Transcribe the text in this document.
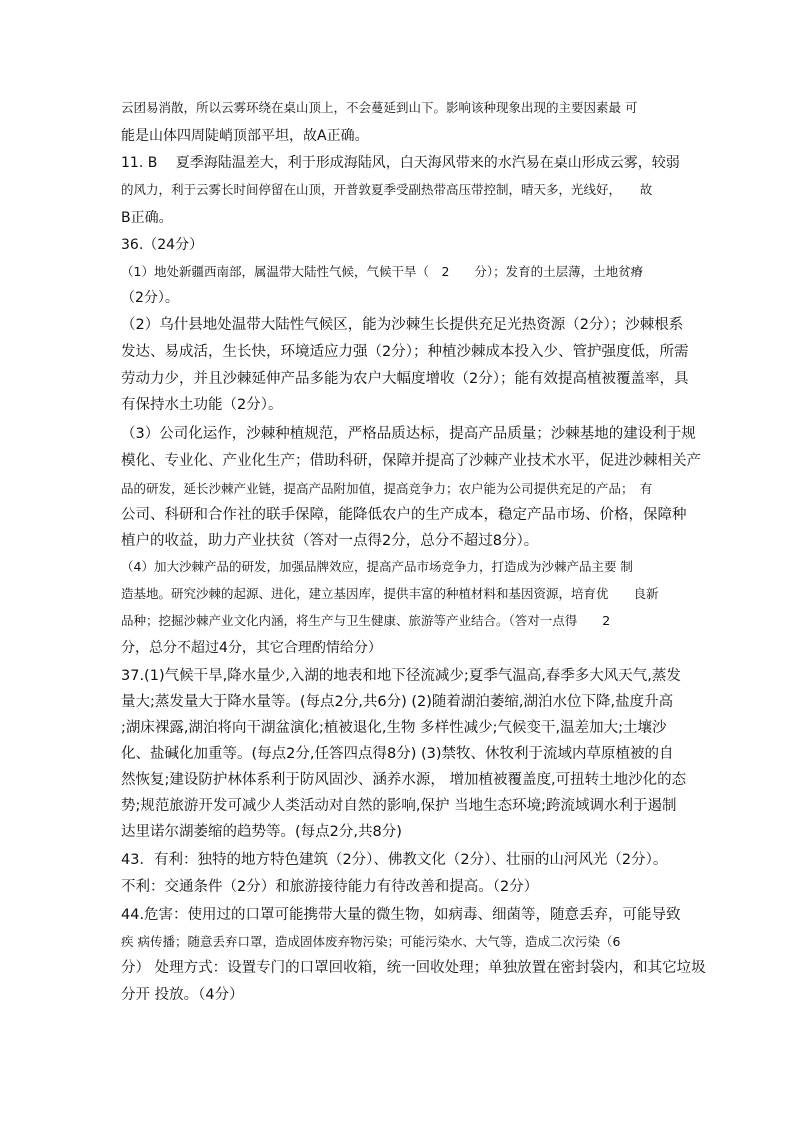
云团易消散，所以云雾环绕在桌山顶上，不会蔓延到山下。影响该种现象出现的主要因素最 可
能是山体四周陡峭顶部平坦，故A正确。
11. B　 夏季海陆温差大，利于形成海陆风，白天海风带来的水汽易在桌山形成云雾，较弱
的风力，利于云雾长时间停留在山顶，开普敦夏季受副热带高压带控制，晴天多，光线好，　　故
B正确。
36.（24分）
（1）地处新疆西南部，属温带大陆性气候，气候干旱（　2　　分）；发育的土层薄，土地贫瘠
（2分）。
（2）乌什县地处温带大陆性气候区，能为沙棘生长提供充足光热资源（2分）；沙棘根系
发达、易成活，生长快，环境适应力强（2分）；种植沙棘成本投入少、管护强度低，所需
劳动力少，并且沙棘延伸产品多能为农户大幅度增收（2分）；能有效提高植被覆盖率，具
有保持水土功能（2分）。
（3）公司化运作，沙棘种植规范，严格品质达标，提高产品质量；沙棘基地的建设利于规
模化、专业化、产业化生产；借助科研，保障并提高了沙棘产业技术水平，促进沙棘相关产
品的研发，延长沙棘产业链，提高产品附加值，提高竞争力；农户能为公司提供充足的产品；　有
公司、科研和合作社的联手保障，能降低农户的生产成本，稳定产品市场、价格，保障种
植户的收益，助力产业扶贫（答对一点得2分，总分不超过8分）。
（4）加大沙棘产品的研发，加强品牌效应，提高产品市场竞争力，打造成为沙棘产品主要 制
造基地。研究沙棘的起源、进化，建立基因库，提供丰富的种植材料和基因资源，培育优　　良新
品种；挖掘沙棘产业文化内涵，将生产与卫生健康、旅游等产业结合。（答对一点得　　2
分，总分不超过4分，其它合理酌情给分）
37.(1)气候干旱,降水量少,入湖的地表和地下径流减少;夏季气温高,春季多大风天气,蒸发
量大;蒸发量大于降水量等。(每点2分,共6分) (2)随着湖泊萎缩,湖泊水位下降,盐度升高
;湖床裸露,湖泊将向干湖盆演化;植被退化,生物 多样性减少;气候变干,温差加大;土壤沙
化、盐碱化加重等。(每点2分,任答四点得8分) (3)禁牧、休牧利于流域内草原植被的自
然恢复;建设防护林体系利于防风固沙、涵养水源， 增加植被覆盖度,可扭转土地沙化的态
势;规范旅游开发可减少人类活动对自然的影响,保护 当地生态环境;跨流域调水利于遏制
达里诺尔湖萎缩的趋势等。(每点2分,共8分)
43．有利：独特的地方特色建筑（2分）、佛教文化（2分）、壮丽的山河风光（2分）。
不利：交通条件（2分）和旅游接待能力有待改善和提高。（2分）
44.危害：使用过的口罩可能携带大量的微生物，如病毒、细菌等，随意丢弃，可能导致
疾 病传播；随意丢弃口罩，造成固体废弃物污染；可能污染水、大气等，造成二次污染（6
分） 处理方式：设置专门的口罩回收箱，统一回收处理；单独放置在密封袋内，和其它垃圾
分开 投放。（4分）
